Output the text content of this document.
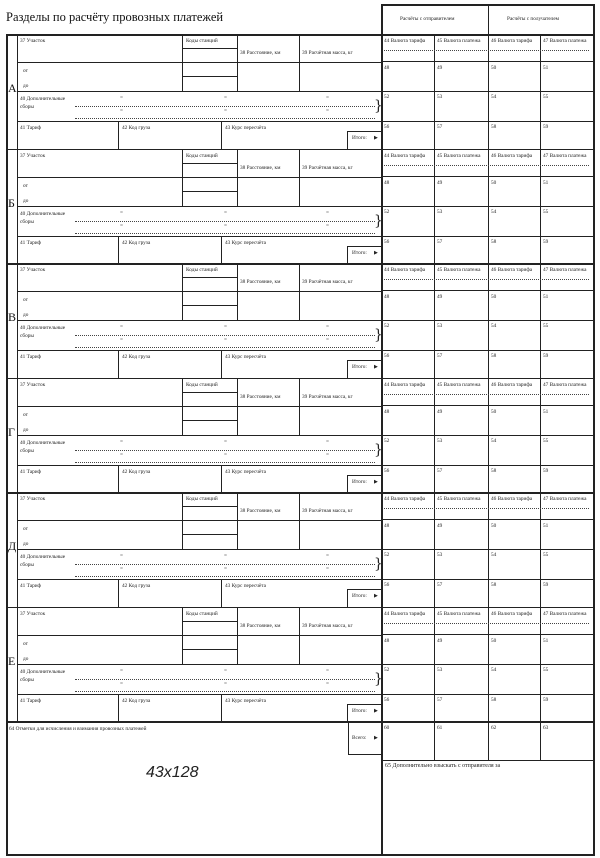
Разделы по расчёту провозных платежей	Расчёты с отправителем	Расчёты с получателем
А
37 Участок	Коды станций
от
до
38 Расстояние, км	39 Расчётная масса, кг
40 Дополнительные сборы
=
=
=
=
=
=	}
41 Тариф	42 Код груза	43 Курс пересчёта
Итого: ▶
44 Валюта тарифа 45 Валюта платежа 46 Валюта тарифа 47 Валюта платежа
48	49	50	51
52	53	54	55
56	57	58	59
Б
37 Участок	Коды станций
от
до
38 Расстояние, км	39 Расчётная масса, кг
40 Дополнительные сборы
=
=
=
=
=
=	}
41 Тариф	42 Код груза	43 Курс пересчёта
Итого: ▶
44 Валюта тарифа 45 Валюта платежа 46 Валюта тарифа 47 Валюта платежа
48	49	50	51
52	53	54	55
56	57	58	59
В
37 Участок	Коды станций
от
до
38 Расстояние, км	39 Расчётная масса, кг
40 Дополнительные сборы
=
=
=
=
=
=	}
41 Тариф	42 Код груза	43 Курс пересчёта
Итого: ▶
44 Валюта тарифа 45 Валюта платежа 46 Валюта тарифа 47 Валюта платежа
48	49	50	51
52	53	54	55
56	57	58	59
Г
37 Участок	Коды станций
от
до
38 Расстояние, км	39 Расчётная масса, кг
40 Дополнительные сборы
=
=
=
=
=
=	}
41 Тариф	42 Код груза	43 Курс пересчёта
Итого: ▶
44 Валюта тарифа 45 Валюта платежа 46 Валюта тарифа 47 Валюта платежа
48	49	50	51
52	53	54	55
56	57	58	59
Д
37 Участок	Коды станций
от
до
38 Расстояние, км	39 Расчётная масса, кг
40 Дополнительные сборы
=
=
=
=
=
=	}
41 Тариф	42 Код груза	43 Курс пересчёта
Итого: ▶
44 Валюта тарифа 45 Валюта платежа 46 Валюта тарифа 47 Валюта платежа
48	49	50	51
52	53	54	55
56	57	58	59
Е
37 Участок	Коды станций
от
до
38 Расстояние, км	39 Расчётная масса, кг
40 Дополнительные сборы
=
=
=
=
=
=	}
41 Тариф	42 Код груза	43 Курс пересчёта
Итого: ▶
44 Валюта тарифа 45 Валюта платежа 46 Валюта тарифа 47 Валюта платежа
48	49	50	51
52	53	54	55
56	57	58	59
64 Отметки для исчисления и взимания провозных платежей
Всего: ▶
60	61	62	63
65 Дополнительно взыскать с отправителя за
43x128
